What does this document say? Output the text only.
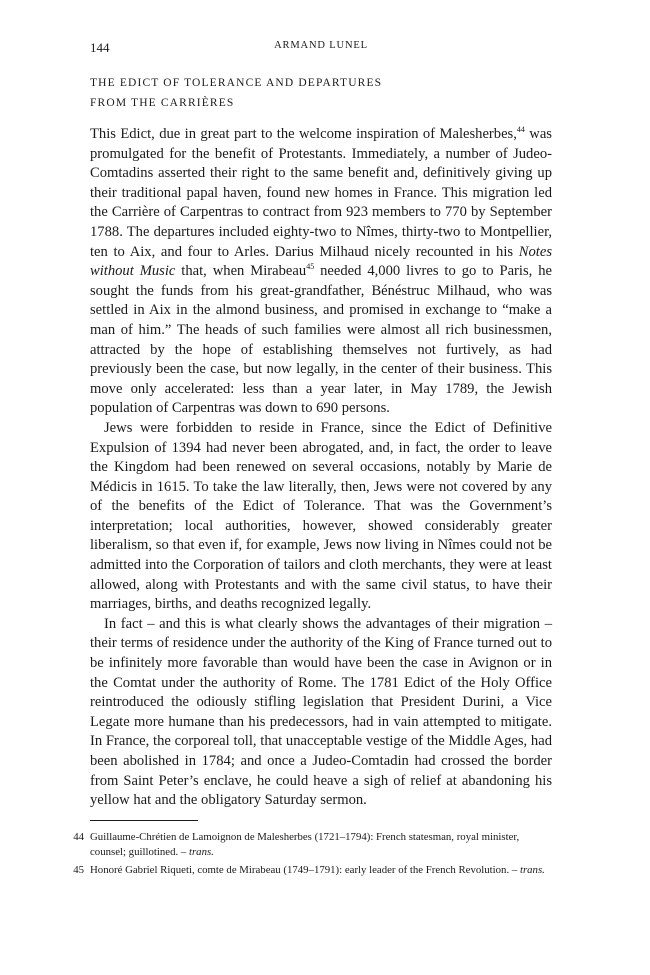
144	ARMAND LUNEL
THE EDICT OF TOLERANCE AND DEPARTURES
FROM THE CARRIÈRES

This Edict, due in great part to the welcome inspiration of Malesherbes,$^{44}$ was promulgated for the benefit of Protestants. Immediately, a number of Judeo-Comtadins asserted their right to the same benefit and, definitively giving up their traditional papal haven, found new homes in France. This migration led the Carrière of Carpentras to contract from 923 members to 770 by September 1788. The departures included eighty-two to Nîmes, thirty-two to Montpellier, ten to Aix, and four to Arles. Darius Milhaud nicely recounted in his Notes without Music that, when Mirabeau$^{45}$ needed 4,000 livres to go to Paris, he sought the funds from his great-grandfather, Bénéstruc Milhaud, who was settled in Aix in the almond business, and promised in exchange to “make a man of him.” The heads of such families were almost all rich businessmen, attracted by the hope of establishing themselves not furtively, as had previously been the case, but now legally, in the center of their business. This move only accelerated: less than a year later, in May 1789, the Jewish population of Carpentras was down to 690 persons.

Jews were forbidden to reside in France, since the Edict of Definitive Expulsion of 1394 had never been abrogated, and, in fact, the order to leave the Kingdom had been renewed on several occasions, notably by Marie de Médicis in 1615. To take the law literally, then, Jews were not covered by any of the benefits of the Edict of Tolerance. That was the Government’s interpretation; local authorities, however, showed considerably greater liberalism, so that even if, for example, Jews now living in Nîmes could not be admitted into the Corporation of tailors and cloth merchants, they were at least allowed, along with Protestants and with the same civil status, to have their marriages, births, and deaths recognized legally.

In fact – and this is what clearly shows the advantages of their migration – their terms of residence under the authority of the King of France turned out to be infinitely more favorable than would have been the case in Avignon or in the Comtat under the authority of Rome. The 1781 Edict of the Holy Office reintroduced the odiously stifling legislation that President Durini, a Vice Legate more humane than his predecessors, had in vain attempted to mitigate. In France, the corporeal toll, that unacceptable vestige of the Middle Ages, had been abolished in 1784; and once a Judeo-Comtadin had crossed the border from Saint Peter’s enclave, he could heave a sigh of relief at abandoning his yellow hat and the obligatory Saturday sermon.

44 Guillaume-Chrétien de Lamoignon de Malesherbes (1721–1794): French statesman, royal minister, counsel; guillotined. – trans.
45 Honoré Gabriel Riqueti, comte de Mirabeau (1749–1791): early leader of the French Revolution. – trans.
